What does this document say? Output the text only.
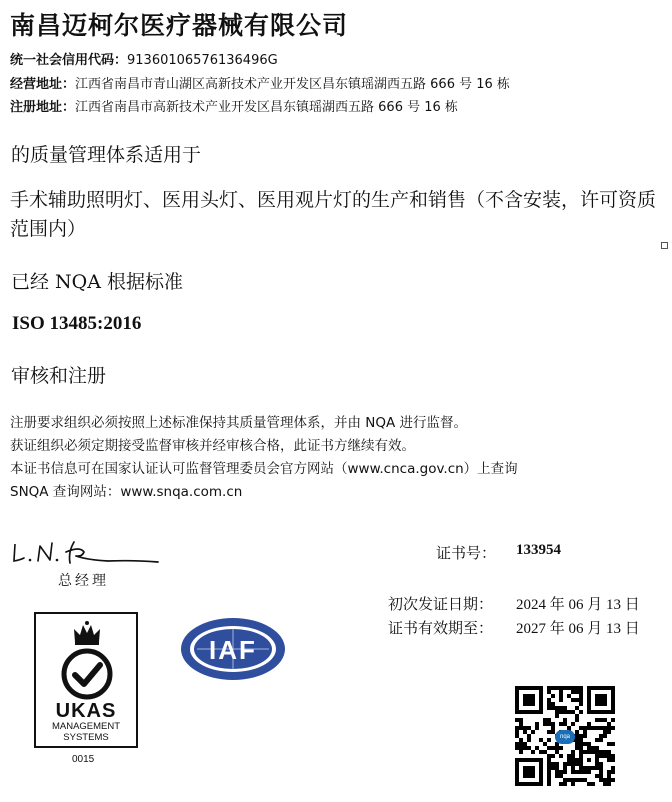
南昌迈柯尔医疗器械有限公司
统一社会信用代码：91360106576136496G
经营地址：江西省南昌市青山湖区高新技术产业开发区昌东镇瑶湖西五路 666 号 16 栋
注册地址：江西省南昌市高新技术产业开发区昌东镇瑶湖西五路 666 号 16 栋
的质量管理体系适用于
手术辅助照明灯、医用头灯、医用观片灯的生产和销售（不含安装，许可资质范围内）
已经 NQA 根据标准
ISO 13485:2016
审核和注册
注册要求组织必须按照上述标准保持其质量管理体系，并由 NQA 进行监督。
获证组织必须定期接受监督审核并经审核合格，此证书方继续有效。
本证书信息可在国家认证认可监督管理委员会官方网站（www.cnca.gov.cn）上查询
SNQA 查询网站：www.snqa.com.cn
总经理
证书号： 133954
初次发证日期： 2024 年 06 月 13 日
证书有效期至： 2027 年 06 月 13 日
UKAS
MANAGEMENT
SYSTEMS
0015
IAF
nqa
